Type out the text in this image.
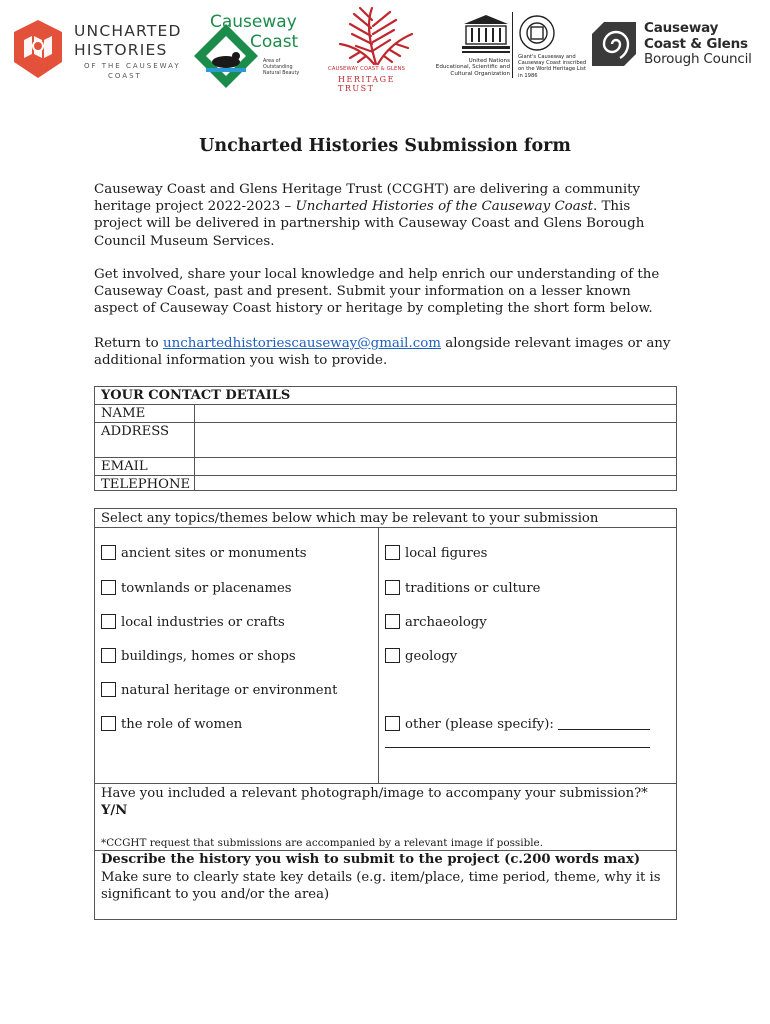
UNCHARTED
HISTORIES
OF THE CAUSEWAY
COAST
Causeway
Coast
Area of Outstanding Natural Beauty
CAUSEWAY COAST & GLENS
HERITAGE TRUST
United Nations Educational, Scientific and Cultural Organization
Giant's Causeway and Causeway Coast inscribed on the World Heritage List in 1986
Causeway
Coast & Glens
Borough Council
Uncharted Histories Submission form

Causeway Coast and Glens Heritage Trust (CCGHT) are delivering a community heritage project 2022-2023 – Uncharted Histories of the Causeway Coast. This project will be delivered in partnership with Causeway Coast and Glens Borough Council Museum Services.

Get involved, share your local knowledge and help enrich our understanding of the Causeway Coast, past and present. Submit your information on a lesser known aspect of Causeway Coast history or heritage by completing the short form below.

Return to unchartedhistoriescauseway@gmail.com alongside relevant images or any additional information you wish to provide.

YOUR CONTACT DETAILS
NAME
ADDRESS
EMAIL
TELEPHONE
Select any topics/themes below which may be relevant to your submission
ancient sites or monuments
townlands or placenames
local industries or crafts
buildings, homes or shops
natural heritage or environment
the role of women
local figures
traditions or culture
archaeology
geology
other (please specify):
Have you included a relevant photograph/image to accompany your submission?*
Y/N
*CCGHT request that submissions are accompanied by a relevant image if possible.
Describe the history you wish to submit to the project (c.200 words max)
Make sure to clearly state key details (e.g. item/place, time period, theme, why it is significant to you and/or the area)
